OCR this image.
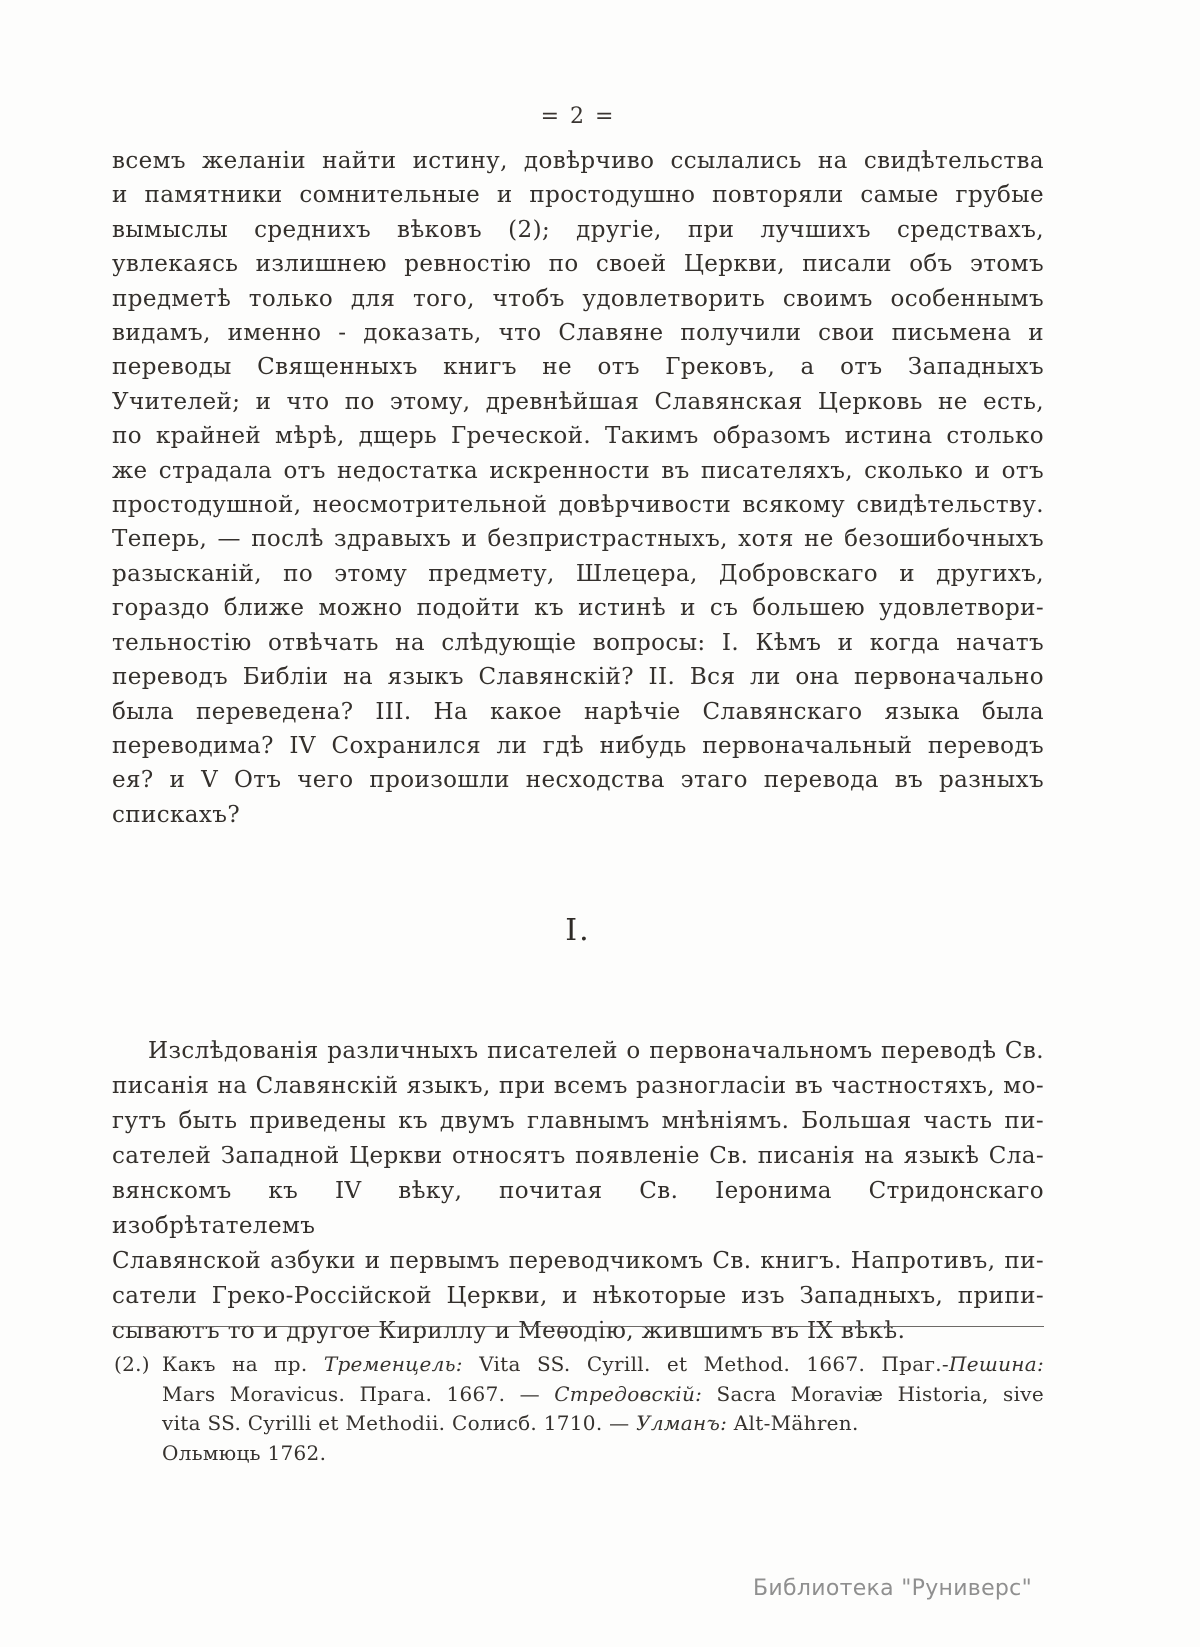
= 2 =
всемъ желаніи найти истину, довѣрчиво ссылались на свидѣтельства
и памятники сомнительные и простодушно повторяли самые грубые
вымыслы среднихъ вѣковъ (2); другіе, при лучшихъ средствахъ,
увлекаясь излишнею ревностію по своей Церкви, писали объ этомъ
предметѣ только для того, чтобъ удовлетворить своимъ особеннымъ
видамъ, именно - доказать, что Славяне получили свои письмена и
переводы Священныхъ книгъ не отъ Грековъ, а отъ Западныхъ
Учителей; и что по этому, древнѣйшая Славянская Церковь не есть,
по крайней мѣрѣ, дщерь Греческой. Такимъ образомъ истина столько
же страдала отъ недостатка искренности въ писателяхъ, сколько и отъ
простодушной, неосмотрительной довѣрчивости всякому свидѣтельству.
Теперь, — послѣ здравыхъ и безпристрастныхъ, хотя не безошибочныхъ
разысканій, по этому предмету, Шлецера, Добровскаго и другихъ,
гораздо ближе можно подойти къ истинѣ и съ большею удовлетвори-
тельностію отвѣчать на слѣдующіе вопросы: I. Кѣмъ и когда начатъ
переводъ Библіи на языкъ Славянскій? II. Вся ли она первоначально
была переведена? III. На какое нарѣчіе Славянскаго языка была
переводима? IV Сохранился ли гдѣ нибудь первоначальный переводъ
ея? и V Отъ чего произошли несходства этаго перевода въ разныхъ
спискахъ?
I.
Изслѣдованія различныхъ писателей о первоначальномъ переводѣ Св.
писанія на Славянскій языкъ, при всемъ разногласіи въ частностяхъ, мо-
гутъ быть приведены къ двумъ главнымъ мнѣніямъ. Большая часть пи-
сателей Западной Церкви относятъ появленіе Св. писанія на языкѣ Сла-
вянскомъ къ IV вѣку, почитая Св. Іеронима Стридонскаго изобрѣтателемъ
Славянской азбуки и первымъ переводчикомъ Св. книгъ. Напротивъ, пи-
сатели Греко-Россійской Церкви, и нѣкоторые изъ Западныхъ, припи-
сываютъ то и другое Кириллу и Меѳодію, жившимъ въ IX вѣкѣ.
(2.) Какъ на пр. Тременцель: Vita SS. Cyrill. et Method. 1667. Праг.-Пешина:
Mars Moravicus. Прага. 1667. — Стредовскій: Sacra Moraviæ Historia, sive
vita SS. Cyrilli et Methodii. Солисб. 1710. — Улманъ: Alt-Mähren.
Ольмюць 1762.
Библиотека "Руниверс"
